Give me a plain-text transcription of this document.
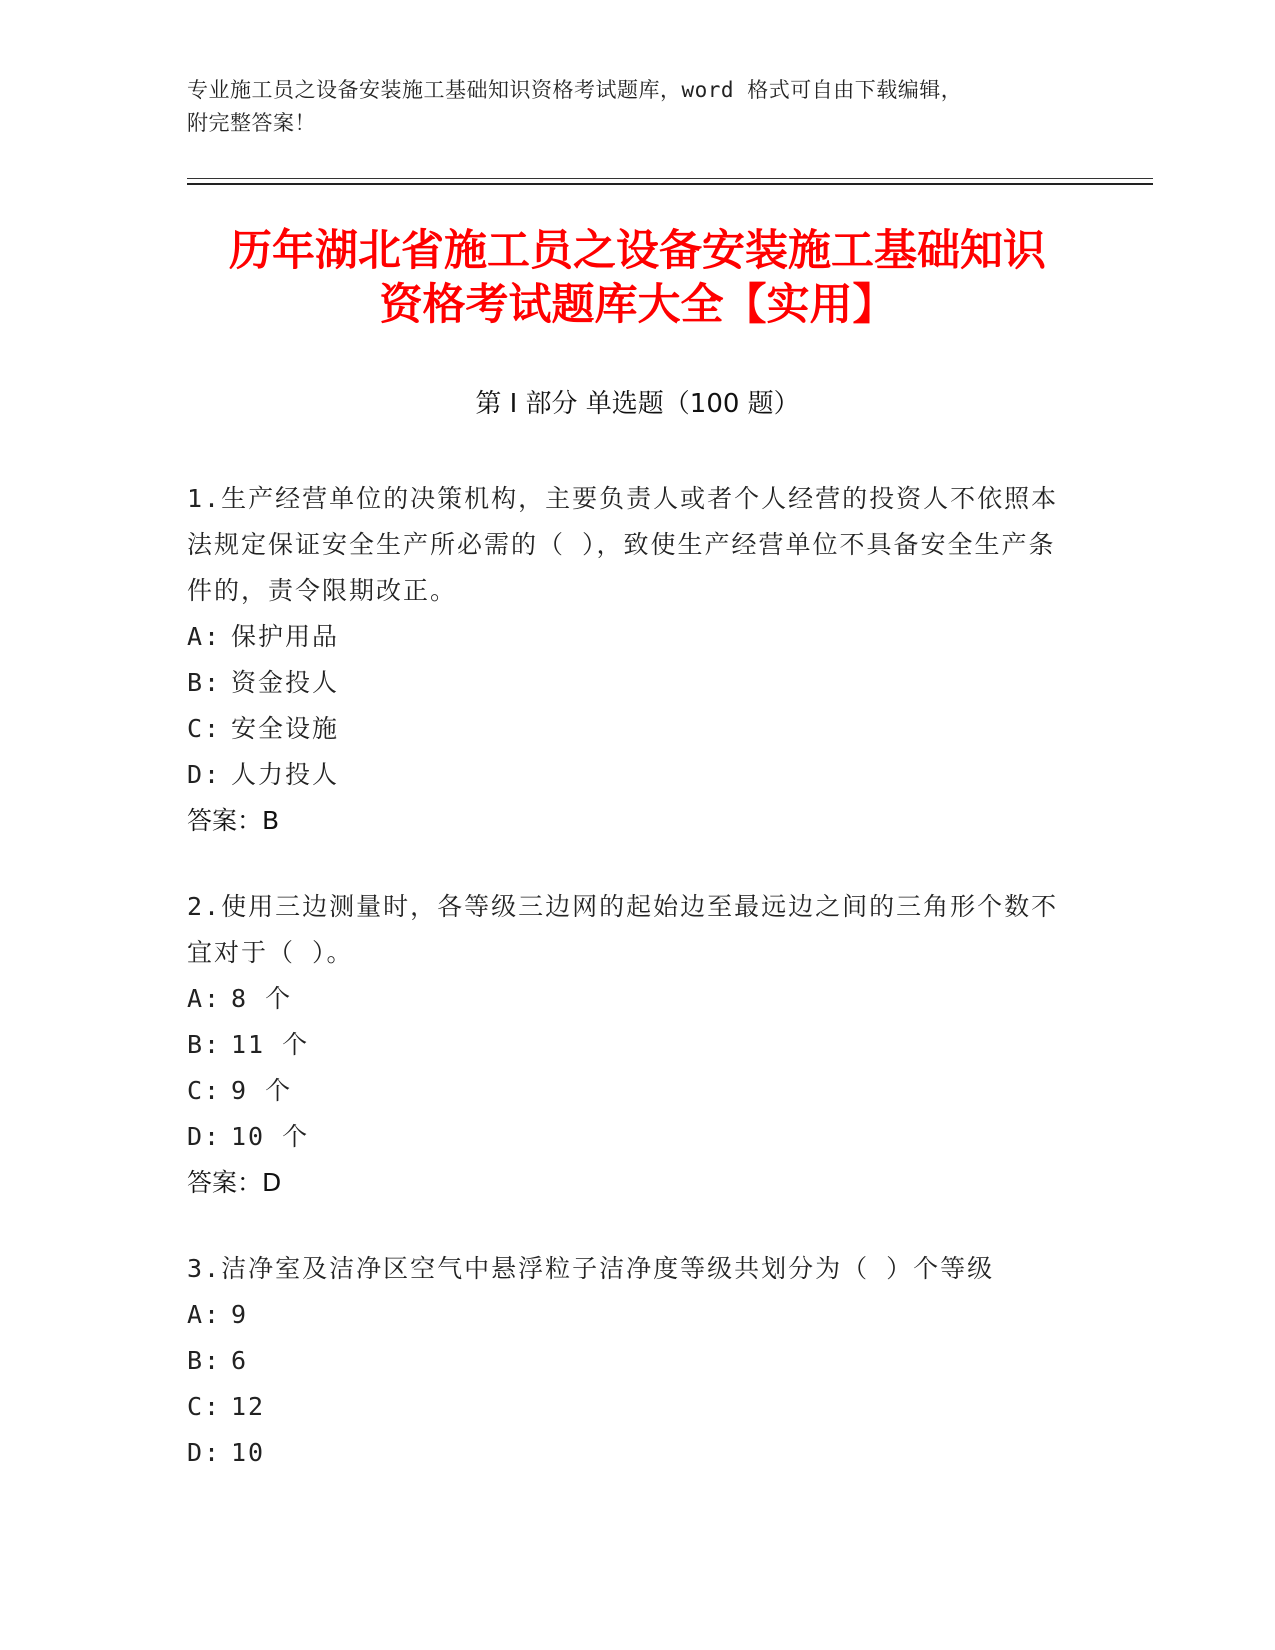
专业施工员之设备安装施工基础知识资格考试题库，word 格式可自由下载编辑，
附完整答案！
历年湖北省施工员之设备安装施工基础知识
资格考试题库大全【实用】
第 I 部分 单选题（100 题）
1.生产经营单位的决策机构，主要负责人或者个人经营的投资人不依照本法规定保证安全生产所必需的（ ），致使生产经营单位不具备安全生产条件的，责令限期改正。
A: 保护用品
B: 资金投人
C: 安全设施
D: 人力投人
答案：B
2.使用三边测量时，各等级三边网的起始边至最远边之间的三角形个数不宜对于（ ）。
A: 8 个
B: 11 个
C: 9 个
D: 10 个
答案：D
3.洁净室及洁净区空气中悬浮粒子洁净度等级共划分为（ ）个等级
A: 9
B: 6
C: 12
D: 10
